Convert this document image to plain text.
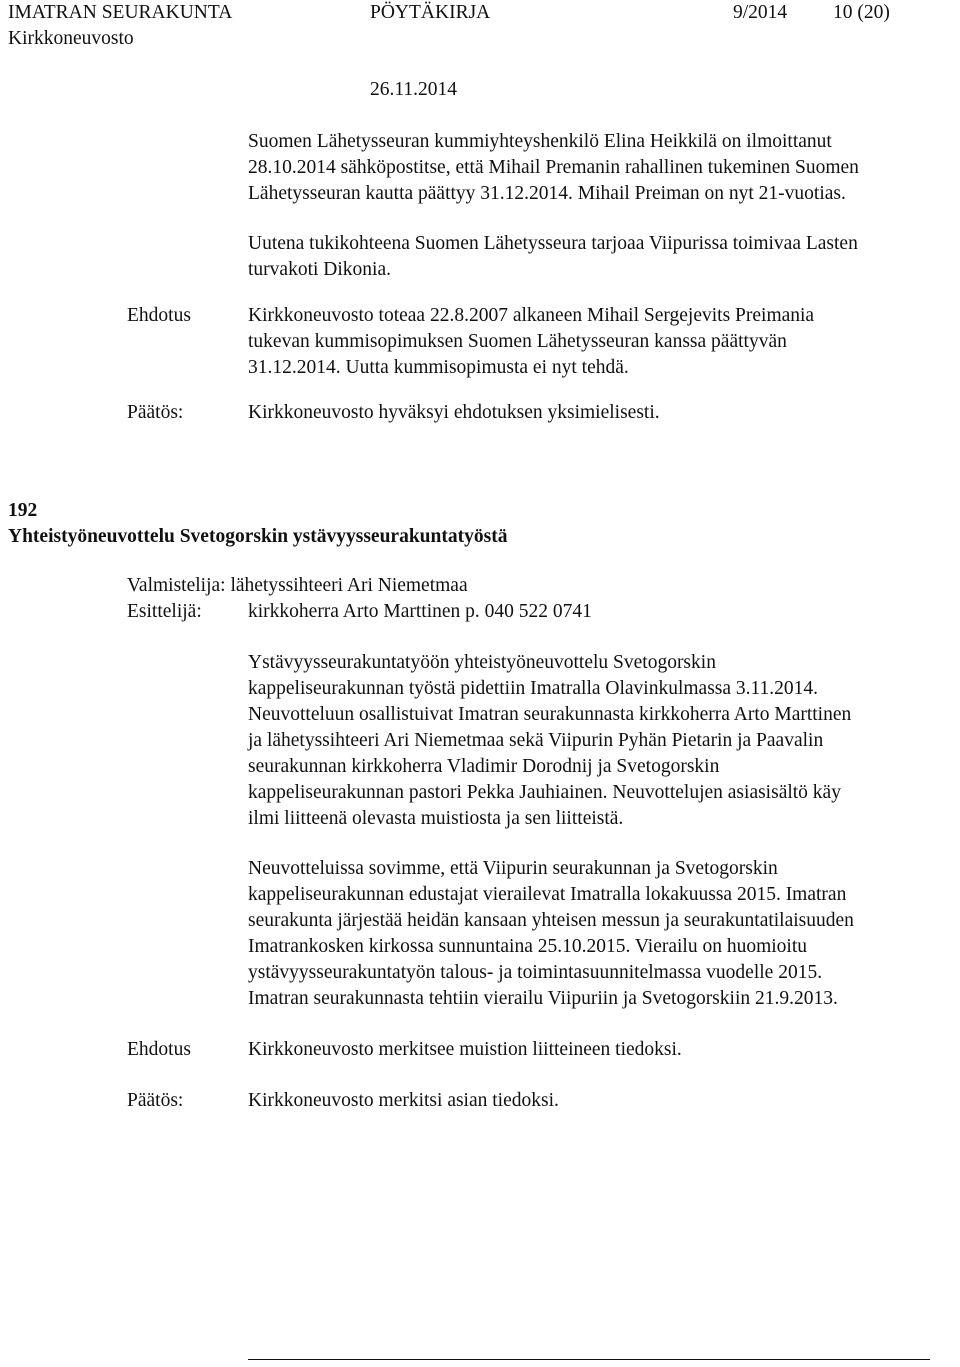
IMATRAN SEURAKUNTA	PÖYTÄKIRJA	9/2014 10 (20)
Kirkkoneuvosto
26.11.2014
Suomen Lähetysseuran kummiyhteyshenkilö Elina Heikkilä on ilmoittanut
28.10.2014 sähköpostitse, että Mihail Premanin rahallinen tukeminen Suomen
Lähetysseuran kautta päättyy 31.12.2014. Mihail Preiman on nyt 21-vuotias.
Uutena tukikohteena Suomen Lähetysseura tarjoaa Viipurissa toimivaa Lasten
turvakoti Dikonia.
Ehdotus	Kirkkoneuvosto toteaa 22.8.2007 alkaneen Mihail Sergejevits Preimania
tukevan kummisopimuksen Suomen Lähetysseuran kanssa päättyvän
31.12.2014. Uutta kummisopimusta ei nyt tehdä.
Päätös:	Kirkkoneuvosto hyväksyi ehdotuksen yksimielisesti.
192
Yhteistyöneuvottelu Svetogorskin ystävyysseurakuntatyöstä
Valmistelija: lähetyssihteeri Ari Niemetmaa
Esittelijä: kirkkoherra Arto Marttinen p. 040 522 0741
Ystävyysseurakuntatyöön yhteistyöneuvottelu Svetogorskin
kappeliseurakunnan työstä pidettiin Imatralla Olavinkulmassa 3.11.2014.
Neuvotteluun osallistuivat Imatran seurakunnasta kirkkoherra Arto Marttinen
ja lähetyssihteeri Ari Niemetmaa sekä Viipurin Pyhän Pietarin ja Paavalin
seurakunnan kirkkoherra Vladimir Dorodnij ja Svetogorskin
kappeliseurakunnan pastori Pekka Jauhiainen. Neuvottelujen asiasisältö käy
ilmi liitteenä olevasta muistiosta ja sen liitteistä.
Neuvotteluissa sovimme, että Viipurin seurakunnan ja Svetogorskin
kappeliseurakunnan edustajat vierailevat Imatralla lokakuussa 2015. Imatran
seurakunta järjestää heidän kansaan yhteisen messun ja seurakuntatilaisuuden
Imatrankosken kirkossa sunnuntaina 25.10.2015. Vierailu on huomioitu
ystävyysseurakuntatyön talous- ja toimintasuunnitelmassa vuodelle 2015.
Imatran seurakunnasta tehtiin vierailu Viipuriin ja Svetogorskiin 21.9.2013.
Ehdotus	Kirkkoneuvosto merkitsee muistion liitteineen tiedoksi.
Päätös:	Kirkkoneuvosto merkitsi asian tiedoksi.
